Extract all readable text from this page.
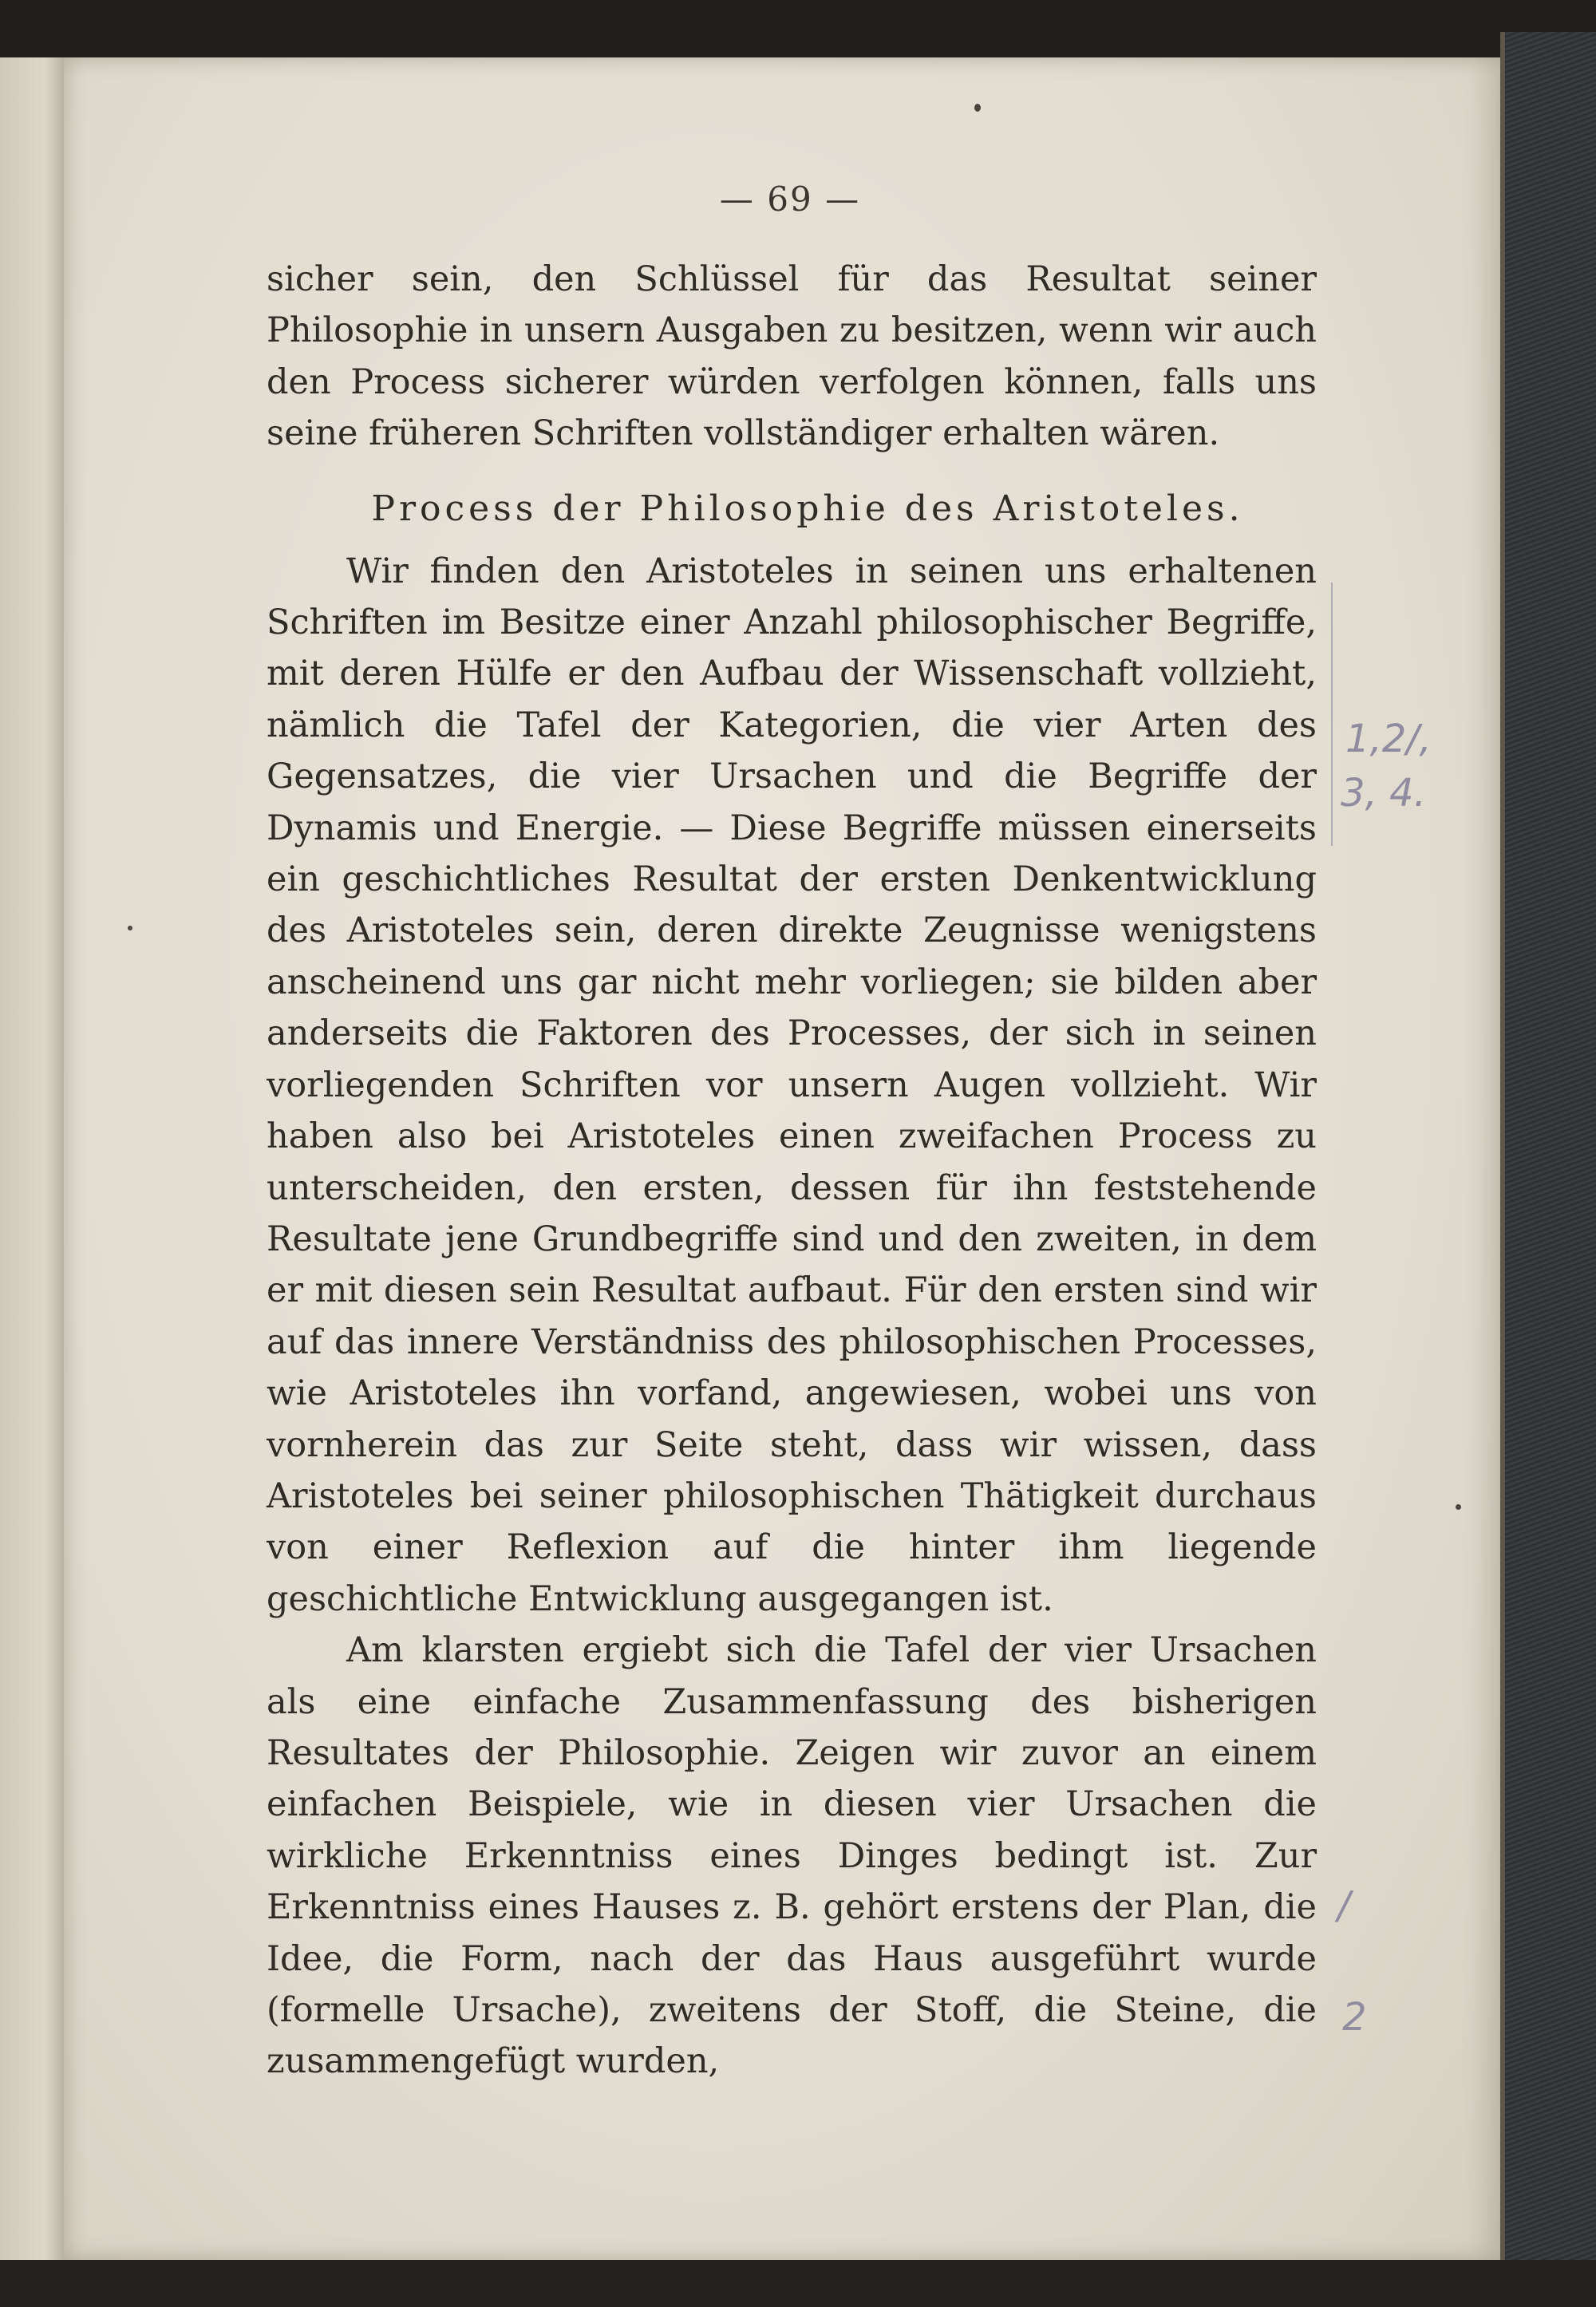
— 69 —

sicher sein, den Schlüssel für das Resultat seiner Philosophie in unsern Ausgaben zu besitzen, wenn wir auch den Process sicherer würden verfolgen können, falls uns seine früheren Schriften vollständiger erhalten wären.

Process der Philosophie des Aristoteles.

Wir finden den Aristoteles in seinen uns erhaltenen Schriften im Besitze einer Anzahl philosophischer Begriffe, mit deren Hülfe er den Aufbau der Wissenschaft vollzieht, nämlich die Tafel der Kategorien, die vier Arten des Gegensatzes, die vier Ursachen und die Begriffe der Dynamis und Energie. — Diese Begriffe müssen einerseits ein geschichtliches Resultat der ersten Denkentwicklung des Aristoteles sein, deren direkte Zeugnisse wenigstens anscheinend uns gar nicht mehr vorliegen; sie bilden aber anderseits die Faktoren des Processes, der sich in seinen vorliegenden Schriften vor unsern Augen vollzieht. Wir haben also bei Aristoteles einen zweifachen Process zu unterscheiden, den ersten, dessen für ihn feststehende Resultate jene Grundbegriffe sind und den zweiten, in dem er mit diesen sein Resultat aufbaut. Für den ersten sind wir auf das innere Verständniss des philosophischen Processes, wie Aristoteles ihn vorfand, angewiesen, wobei uns von vornherein das zur Seite steht, dass wir wissen, dass Aristoteles bei seiner philosophischen Thätigkeit durchaus von einer Reflexion auf die hinter ihm liegende geschichtliche Entwicklung ausgegangen ist.

Am klarsten ergiebt sich die Tafel der vier Ursachen als eine einfache Zusammenfassung des bisherigen Resultates der Philosophie. Zeigen wir zuvor an einem einfachen Beispiele, wie in diesen vier Ursachen die wirkliche Erkenntniss eines Dinges bedingt ist. Zur Erkenntniss eines Hauses z. B. gehört erstens der Plan, die Idee, die Form, nach der das Haus ausgeführt wurde (formelle Ursache), zweitens der Stoff, die Steine, die zusammengefügt wurden,

1,2/,
3, 4.
/
2
